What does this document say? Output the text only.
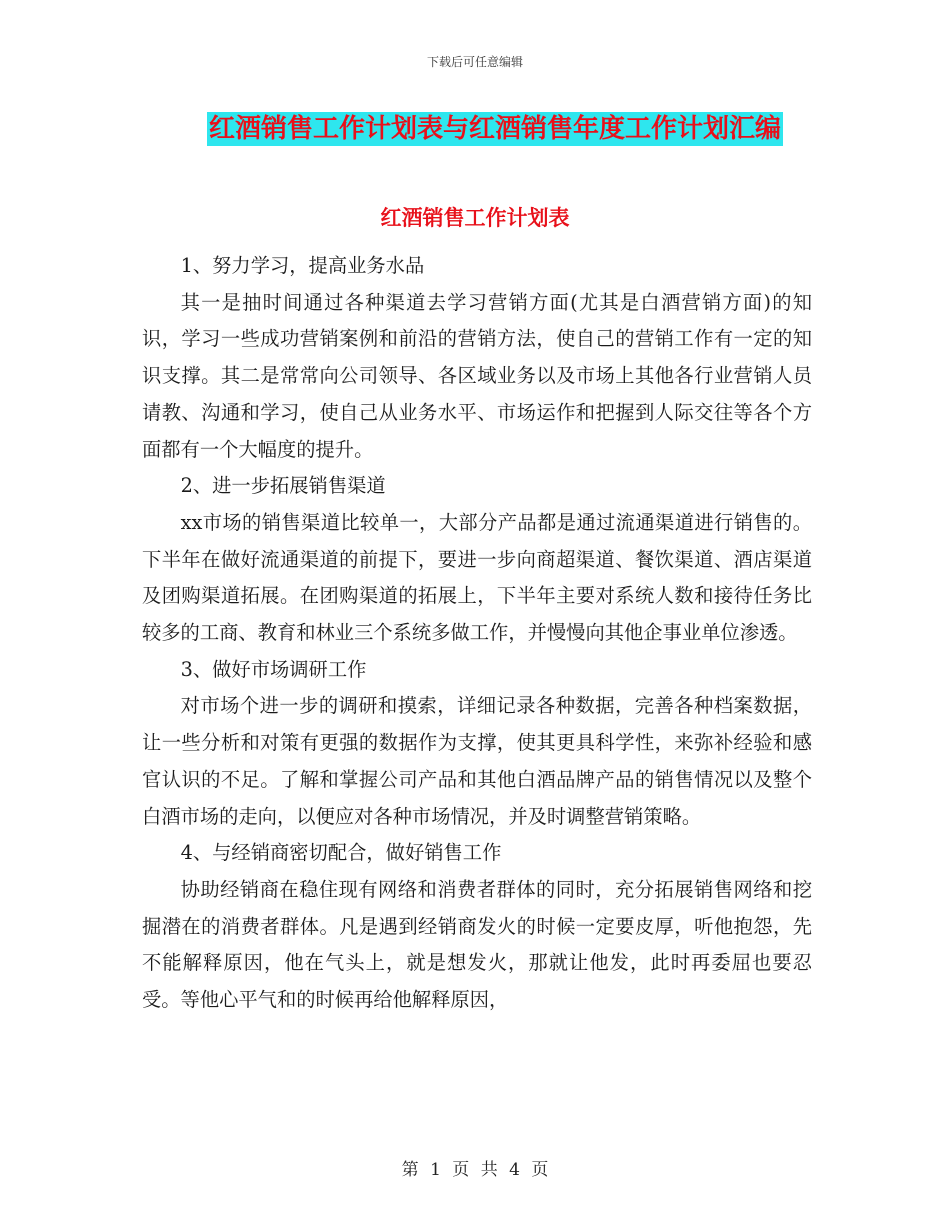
下载后可任意编辑
红酒销售工作计划表与红酒销售年度工作计划汇编
红酒销售工作计划表

1、努力学习，提高业务水品

其一是抽时间通过各种渠道去学习营销方面(尤其是白酒营销方面)的知识，学习一些成功营销案例和前沿的营销方法，使自己的营销工作有一定的知识支撑。其二是常常向公司领导、各区域业务以及市场上其他各行业营销人员请教、沟通和学习，使自己从业务水平、市场运作和把握到人际交往等各个方面都有一个大幅度的提升。

2、进一步拓展销售渠道

xx市场的销售渠道比较单一，大部分产品都是通过流通渠道进行销售的。下半年在做好流通渠道的前提下，要进一步向商超渠道、餐饮渠道、酒店渠道及团购渠道拓展。在团购渠道的拓展上，下半年主要对系统人数和接待任务比较多的工商、教育和林业三个系统多做工作，并慢慢向其他企事业单位渗透。

3、做好市场调研工作

对市场个进一步的调研和摸索，详细记录各种数据，完善各种档案数据，让一些分析和对策有更强的数据作为支撑，使其更具科学性，来弥补经验和感官认识的不足。了解和掌握公司产品和其他白酒品牌产品的销售情况以及整个白酒市场的走向，以便应对各种市场情况，并及时调整营销策略。

4、与经销商密切配合，做好销售工作

协助经销商在稳住现有网络和消费者群体的同时，充分拓展销售网络和挖掘潜在的消费者群体。凡是遇到经销商发火的时候一定要皮厚，听他抱怨，先不能解释原因，他在气头上，就是想发火，那就让他发，此时再委屈也要忍受。等他心平气和的时候再给他解释原因，

第 1 页 共 4 页
